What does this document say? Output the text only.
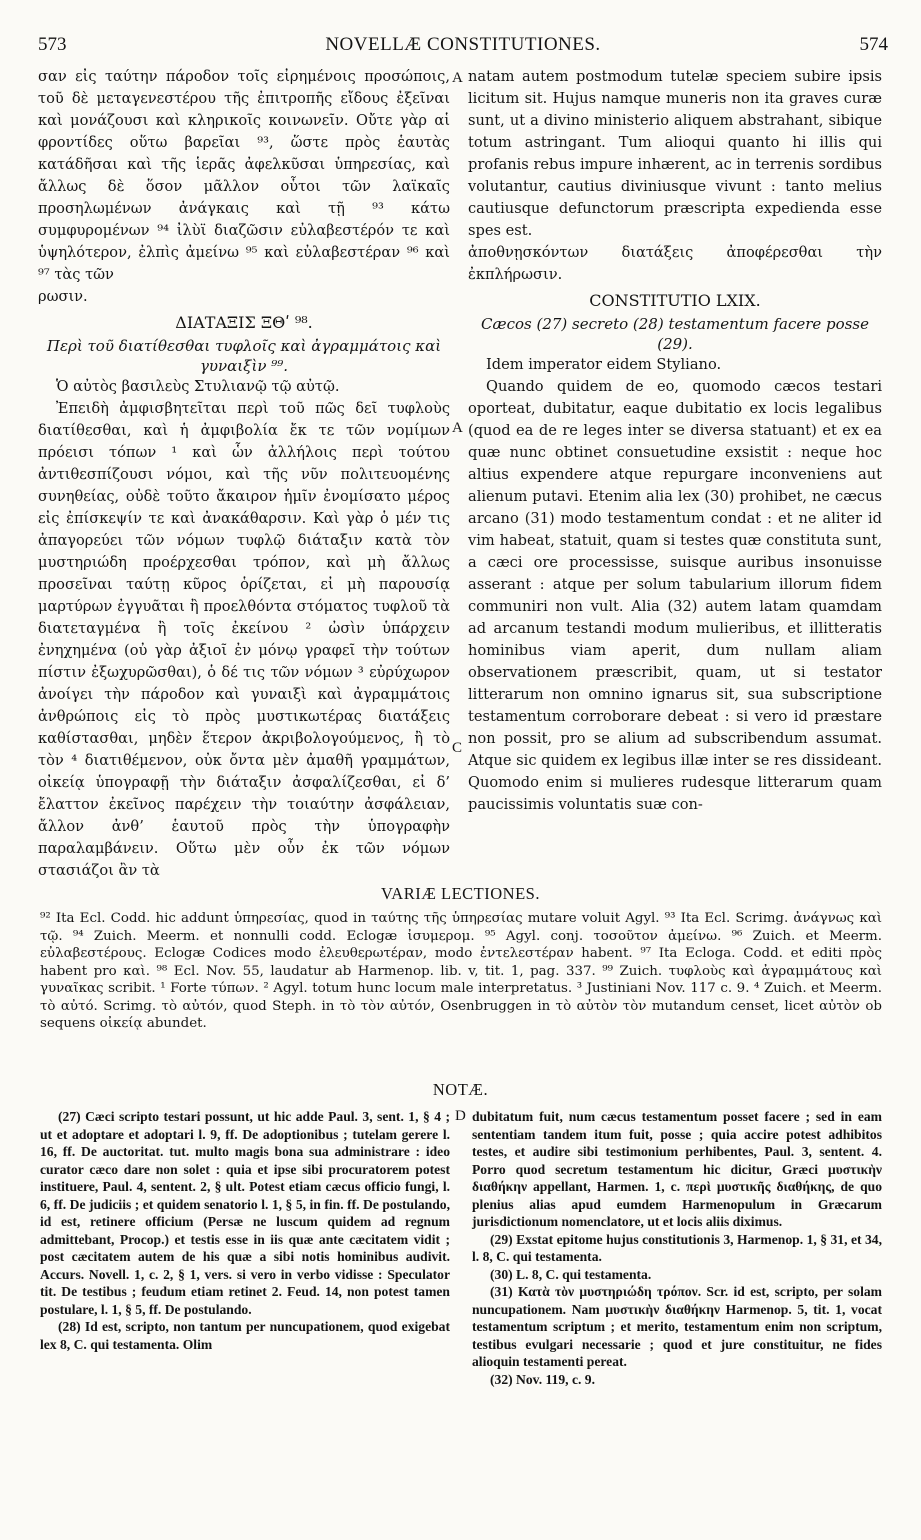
573	NOVELLÆ CONSTITUTIONES.	574

σαν εἰς ταύτην πάροδον τοῖς εἰρημένοις προσώποις, τοῦ δὲ μεταγενεστέρου τῆς ἐπιτροπῆς εἴδους ἐξεῖναι καὶ μονάζουσι καὶ κληρικοῖς κοινωνεῖν. Οὔτε γὰρ αἱ φροντίδες οὕτω βαρεῖαι ⁹³, ὥστε πρὸς ἑαυτὰς κατάδῆσαι καὶ τῆς ἱερᾶς ἀφελκῦσαι ὑπηρεσίας, καὶ ἄλλως δὲ ὅσον μᾶλλον οὗτοι τῶν λαϊκαῖς προσηλωμένων ἀνάγκαις καὶ τῇ ⁹³ κάτω συμφυρομένων ⁹⁴ ἰλὺϊ διαζῶσιν εὐλαβεστέρόν τε καὶ ὑψηλότερον, ἐλπὶς ἀμείνω ⁹⁵ καὶ εὐλαβεστέραν ⁹⁶ καὶ ⁹⁷ τὰς τῶν

ρωσιν.

ΔΙΑΤΑΞΙΣ ΞΘʹ ⁹⁸.
Περὶ τοῦ διατίθεσθαι τυφλοῖς καὶ ἀγραμμάτοις καὶ γυναιξὶν ⁹⁹.

Ὁ αὐτὸς βασιλεὺς Στυλιανῷ τῷ αὐτῷ.

Ἐπειδὴ ἀμφισβητεῖται περὶ τοῦ πῶς δεῖ τυφλοὺς διατίθεσθαι, καὶ ἡ ἀμφιβολία ἔκ τε τῶν νομίμων πρόεισι τόπων ¹ καὶ ὧν ἀλλήλοις περὶ τούτου ἀντιθεσπίζουσι νόμοι, καὶ τῆς νῦν πολιτευομένης συνηθείας, οὐδὲ τοῦτο ἄκαιρον ἡμῖν ἐνομίσατο μέρος εἰς ἐπίσκεψίν τε καὶ ἀνακάθαρσιν. Καὶ γὰρ ὁ μέν τις ἀπαγορεύει τῶν νόμων τυφλῷ διάταξιν κατὰ τὸν μυστηριώδη προέρχεσθαι τρόπον, καὶ μὴ ἄλλως προσεῖναι ταύτῃ κῦρος ὁρίζεται, εἰ μὴ παρουσίᾳ μαρτύρων ἐγγυᾶται ἢ προελθόντα στόματος τυφλοῦ τὰ διατεταγμένα ἢ τοῖς ἐκείνου ² ὠσὶν ὑπάρχειν ἐνηχημένα (οὐ γὰρ ἀξιοῖ ἐν μόνῳ γραφεῖ τὴν τούτων πίστιν ἐξωχυρῶσθαι), ὁ δέ τις τῶν νόμων ³ εὐρύχωρον ἀνοίγει τὴν πάροδον καὶ γυναιξὶ καὶ ἀγραμμάτοις ἀνθρώποις εἰς τὸ πρὸς μυστικωτέρας διατάξεις καθίστασθαι, μηδὲν ἕτερον ἀκριβολογούμενος, ἢ τὸ τὸν ⁴ διατιθέμενον, οὐκ ὄντα μὲν ἀμαθῆ γραμμάτων, οἰκείᾳ ὑπογραφῇ τὴν διάταξιν ἀσφαλίζεσθαι, εἰ δ’ ἔλαττον ἐκεῖνος παρέχειν τὴν τοιαύτην ἀσφάλειαν, ἄλλον ἀνθ’ ἑαυτοῦ πρὸς τὴν ὑπογραφὴν παραλαμβάνειν. Οὕτω μὲν οὖν ἐκ τῶν νόμων στασιάζοι ἂν τὰ

A
A
C

natam autem postmodum tutelæ speciem subire ipsis licitum sit. Hujus namque muneris non ita graves curæ sunt, ut a divino ministerio aliquem abstrahant, sibique totum astringant. Tum alioqui quanto hi illis qui profanis rebus impure inhærent, ac in terrenis sordibus volutantur, cautius diviniusque vivunt : tanto melius cautiusque defunctorum præscripta expedienda esse spes est.

ἀποθνῃσκόντων διατάξεις ἀποφέρεσθαι τὴν ἐκπλήρωσιν.

CONSTITUTIO LXIX.
Cæcos (27) secreto (28) testamentum facere posse (29).

Idem imperator eidem Styliano.

Quando quidem de eo, quomodo cæcos testari oporteat, dubitatur, eaque dubitatio ex locis legalibus (quod ea de re leges inter se diversa statuant) et ex ea quæ nunc obtinet consuetudine exsistit : neque hoc altius expendere atque repurgare inconveniens aut alienum putavi. Etenim alia lex (30) prohibet, ne cæcus arcano (31) modo testamentum condat : et ne aliter id vim habeat, statuit, quam si testes quæ constituta sunt, a cæci ore processisse, suisque auribus insonuisse asserant : atque per solum tabularium illorum fidem communiri non vult. Alia (32) autem latam quamdam ad arcanum testandi modum mulieribus, et illitteratis hominibus viam aperit, dum nullam aliam observationem præscribit, quam, ut si testator litterarum non omnino ignarus sit, sua subscriptione testamentum corroborare debeat : si vero id præstare non possit, pro se alium ad subscribendum assumat. Atque sic quidem ex legibus illæ inter se res dissideant. Quomodo enim si mulieres rudesque litterarum quam paucissimis voluntatis suæ con-

VARIÆ LECTIONES.

⁹² Ita Ecl. Codd. hic addunt ὑπηρεσίας, quod in ταύτης τῆς ὑπηρεσίας mutare voluit Agyl. ⁹³ Ita Ecl. Scrimg. ἀνάγνως καὶ τῷ. ⁹⁴ Zuich. Meerm. et nonnulli codd. Eclogæ ἰσυμερομ. ⁹⁵ Agyl. conj. τοσοῦτον ἀμείνω. ⁹⁶ Zuich. et Meerm. εὐλαβεστέρους. Eclogæ Codices modo ἐλευθερωτέραν, modo ἐντελεστέραν habent. ⁹⁷ Ita Ecloga. Codd. et editi πρὸς habent pro καὶ. ⁹⁸ Ecl. Nov. 55, laudatur ab Harmenop. lib. v, tit. 1, pag. 337. ⁹⁹ Zuich. τυφλοὺς καὶ ἀγραμμάτους καὶ γυναῖκας scribit. ¹ Forte τύπων. ² Agyl. totum hunc locum male interpretatus. ³ Justiniani Nov. 117 c. 9. ⁴ Zuich. et Meerm. τὸ αὐτό. Scrimg. τὸ αὐτόν, quod Steph. in τὸ τὸν αὐτόν, Osenbruggen in τὸ αὐτὸν τὸν mutandum censet, licet αὐτὸν ob sequens οἰκείᾳ abundet.

NOTÆ.
D

(27) Cæci scripto testari possunt, ut hic adde Paul. 3, sent. 1, § 4 ; ut et adoptare et adoptari l. 9, ff. De adoptionibus ; tutelam gerere l. 16, ff. De auctoritat. tut. multo magis bona sua administrare : ideo curator cæco dare non solet : quia et ipse sibi procuratorem potest instituere, Paul. 4, sentent. 2, § ult. Potest etiam cæcus officio fungi, l. 6, ff. De judiciis ; et quidem senatorio l. 1, § 5, in fin. ff. De postulando, id est, retinere officium (Persæ ne luscum quidem ad regnum admittebant, Procop.) et testis esse in iis quæ ante cæcitatem vidit ; post cæcitatem autem de his quæ a sibi notis hominibus audivit. Accurs. Novell. 1, c. 2, § 1, vers. si vero in verbo vidisse : Speculator tit. De testibus ; feudum etiam retinet 2. Feud. 14, non potest tamen postulare, l. 1, § 5, ff. De postulando.

(28) Id est, scripto, non tantum per nuncupationem, quod exigebat lex 8, C. qui testamenta. Olim

dubitatum fuit, num cæcus testamentum posset facere ; sed in eam sententiam tandem itum fuit, posse ; quia accire potest adhibitos testes, et audire sibi testimonium perhibentes, Paul. 3, sentent. 4. Porro quod secretum testamentum hic dicitur, Græci μυστικὴν διαθήκην appellant, Harmen. 1, c. περὶ μυστικῆς διαθήκης, de quo plenius alias apud eumdem Harmenopulum in Græcarum jurisdictionum nomenclatore, ut et locis aliis diximus.

(29) Exstat epitome hujus constitutionis 3, Harmenop. 1, § 31, et 34, l. 8, C. qui testamenta.

(30) L. 8, C. qui testamenta.

(31) Κατὰ τὸν μυστηριώδη τρόπον. Scr. id est, scripto, per solam nuncupationem. Nam μυστικὴν διαθήκην Harmenop. 5, tit. 1, vocat testamentum scriptum ; et merito, testamentum enim non scriptum, testibus evulgari necessarie ; quod et jure constituitur, ne fides alioquin testamenti pereat.

(32) Nov. 119, c. 9.
